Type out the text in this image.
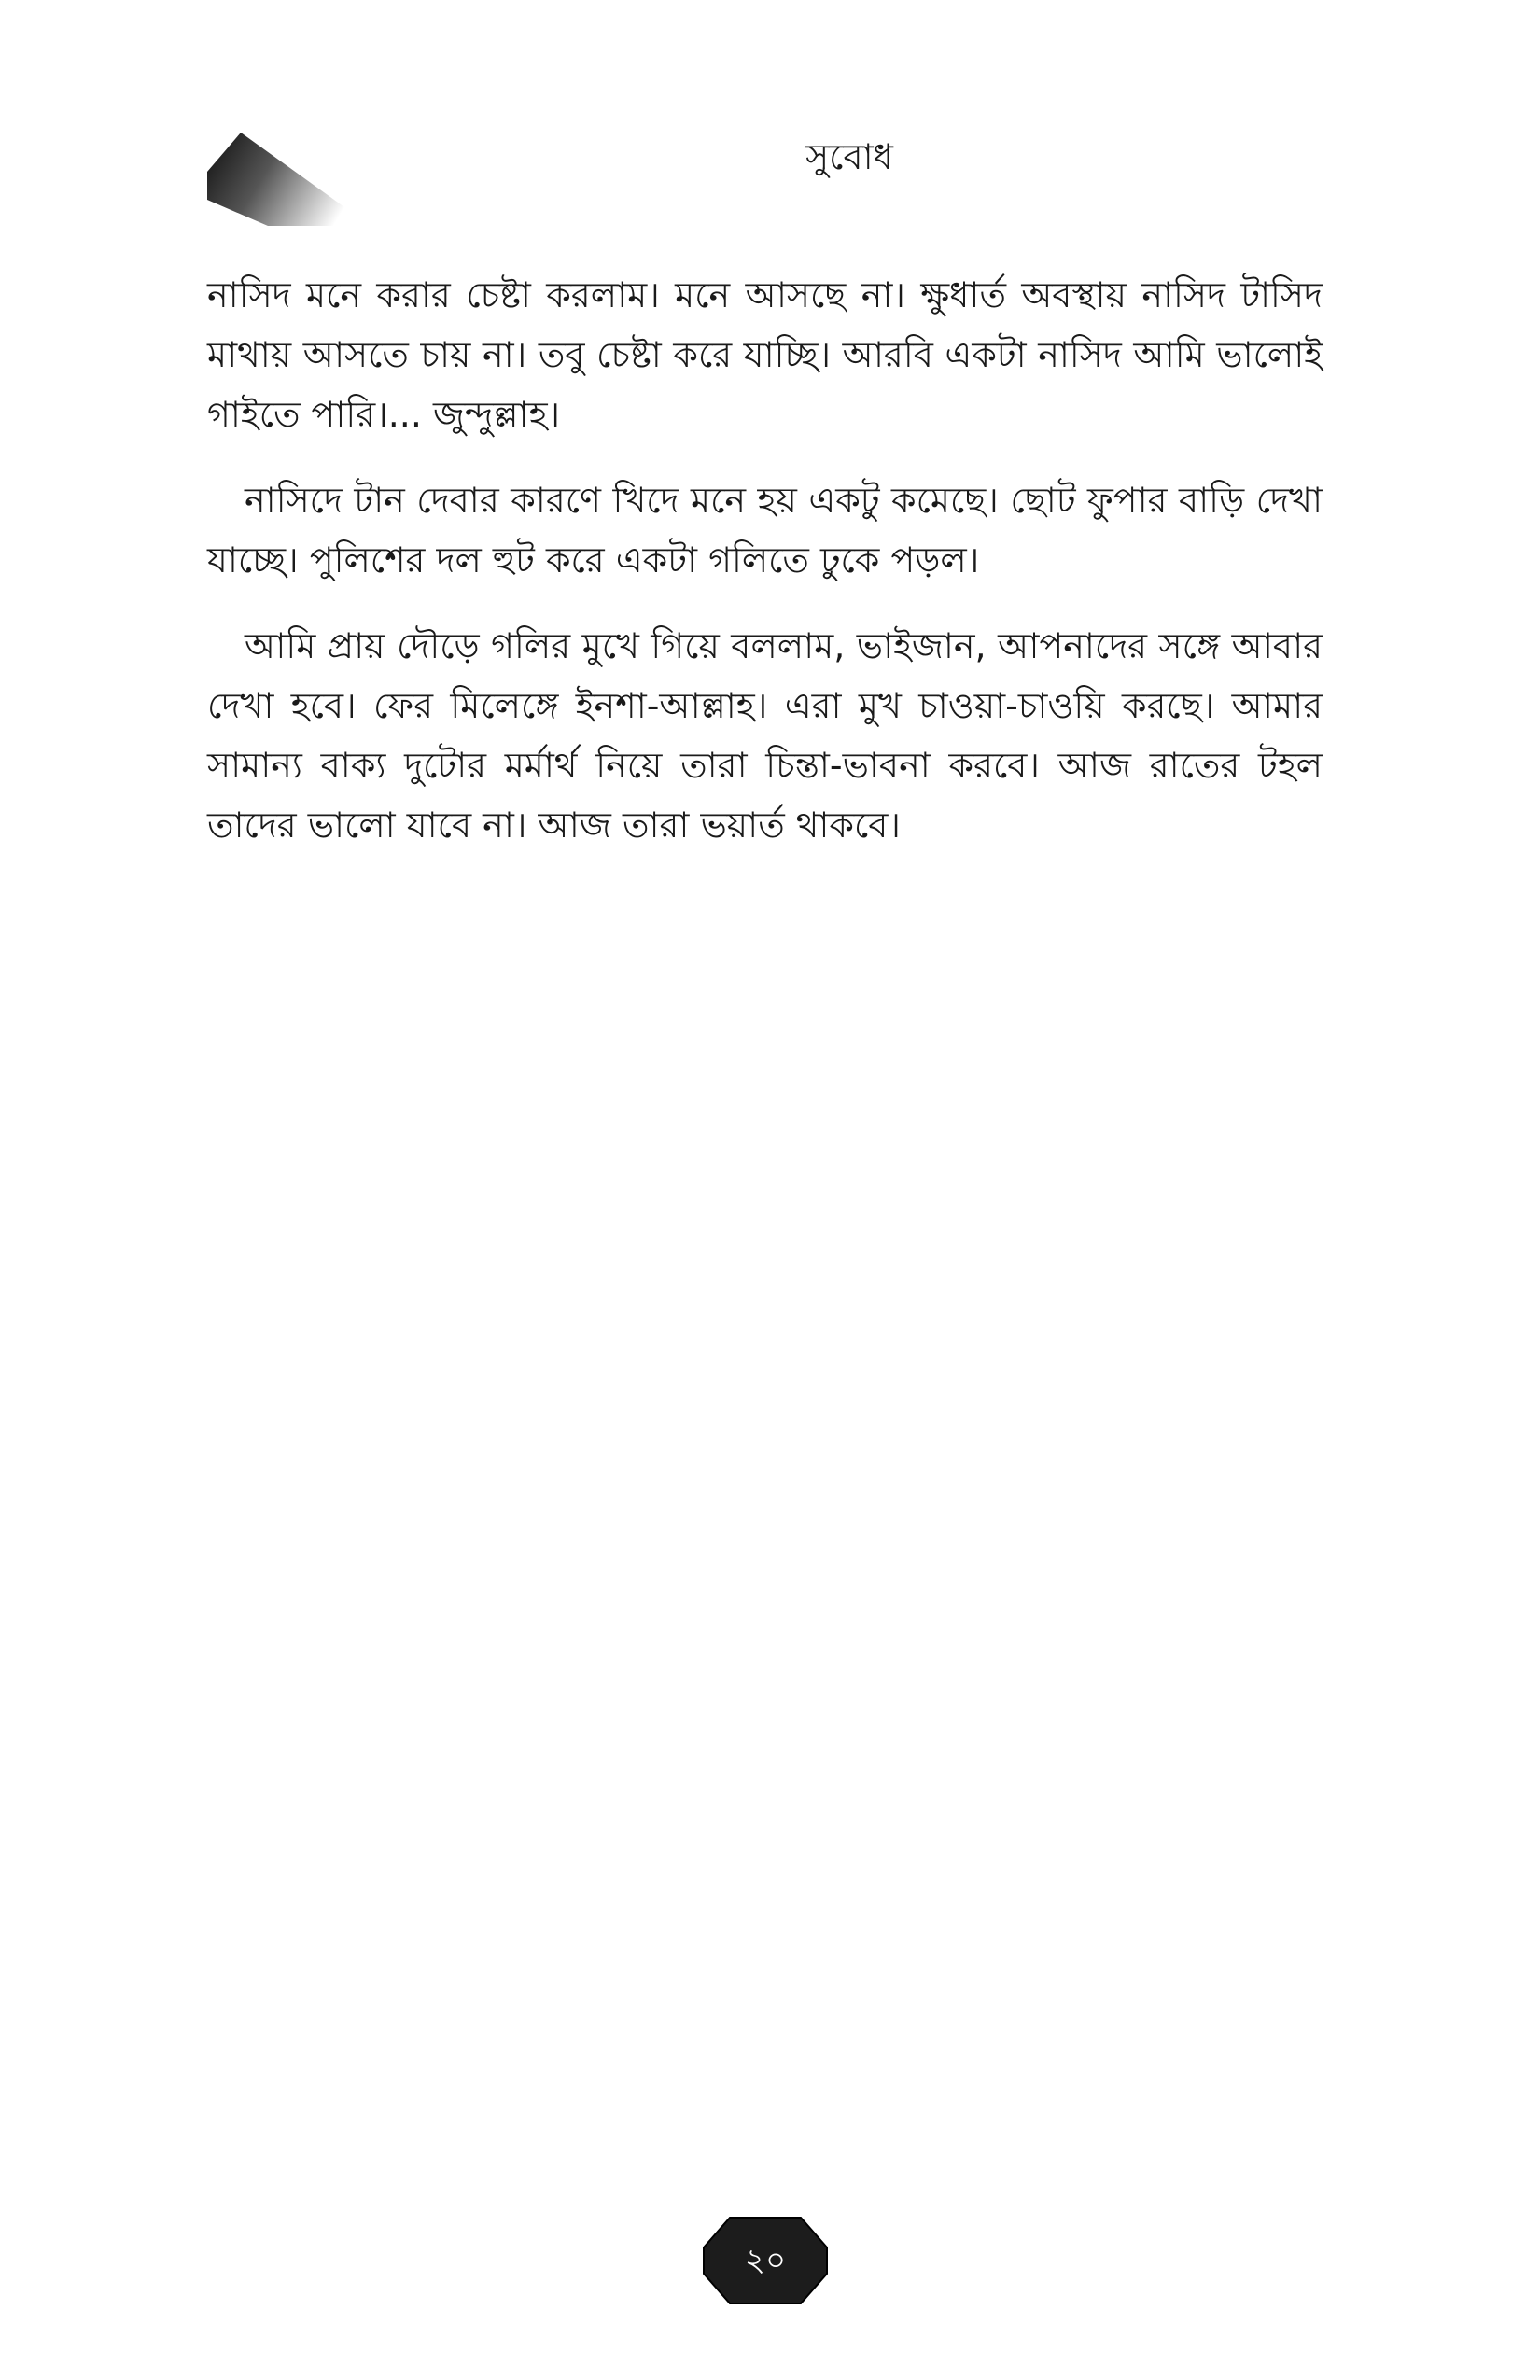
সুবোধ

নাসিদ মনে করার চেষ্টা করলাম। মনে আসছে না। ক্ষুধার্ত অবস্থায় নাসিদ টাসিদ মাথায় আসতে চায় না। তবু চেষ্টা করে যাচ্ছি। আরবি একটা নাসিদ আমি ভালোই গাইতে পারি।... জুন্দুল্লাহ।

নাসিদে টান দেবার কারণে খিদে মনে হয় একটু কমেছে। ছোট ফুপার বাড়ি দেখা যাচ্ছে। পুলিশের দল হুট করে একটা গলিতে ঢুকে পড়ল।

আমি প্রায় দৌড়ে গলির মুখে গিয়ে বললাম, ভাইজান, আপনাদের সঙ্গে আবার দেখা হবে। ফের মিলেঙ্গে ইনশা-আল্লাহ। এরা মুখ চাওয়া-চাওয়ি করছে। আমার সামান্য বাক্য দুটোর মর্মার্থ নিয়ে তারা চিন্তা-ভাবনা করবে। আজ রাতের টহল তাদের ভালো যাবে না। আজ তারা ভয়ার্ত থাকবে।

২০
